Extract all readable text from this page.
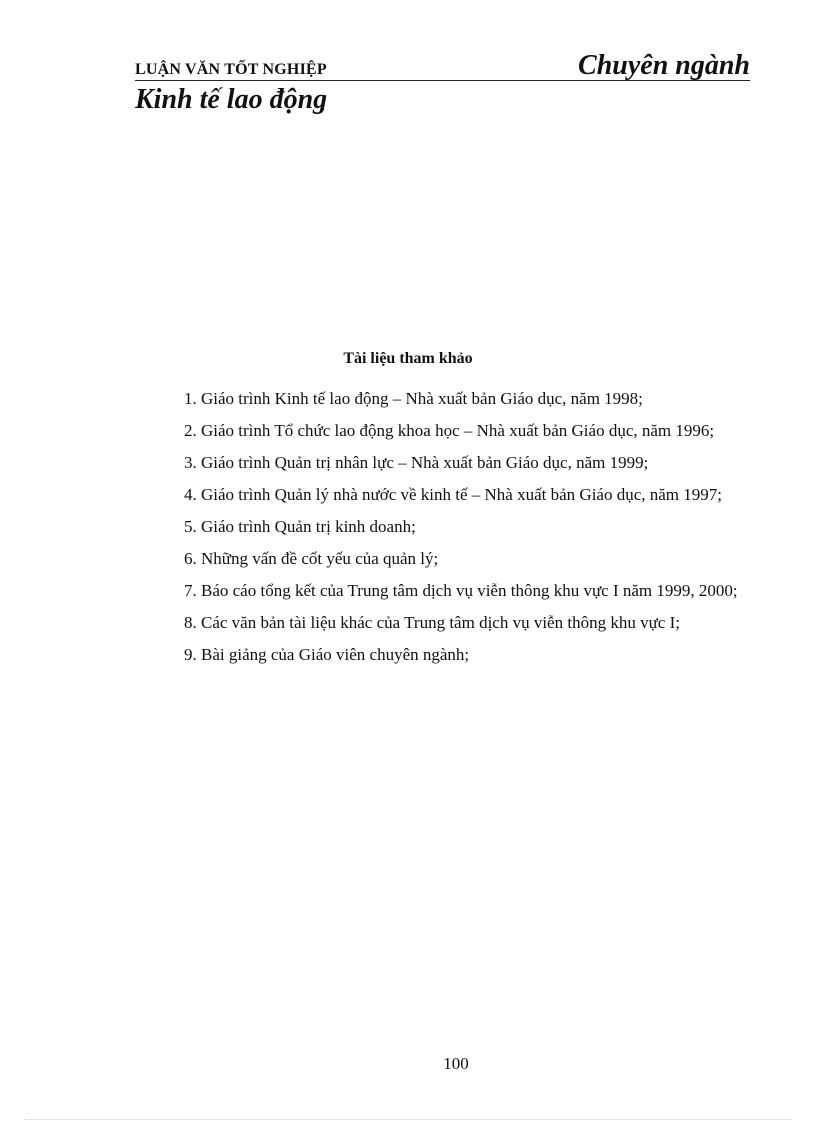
LUẬN VĂN TỐT NGHIỆP	Chuyên ngành
Kinh tế lao động
Tài liệu tham khảo

1. Giáo trình Kinh tế lao động – Nhà xuất bản Giáo dục, năm 1998;

2. Giáo trình Tổ chức lao động khoa học – Nhà xuất bản Giáo dục, năm 1996;

3. Giáo trình Quản trị nhân lực – Nhà xuất bản Giáo dục, năm 1999;

4. Giáo trình Quản lý nhà nước về kinh tế – Nhà xuất bản Giáo dục, năm 1997;

5. Giáo trình Quản trị kinh doanh;

6. Những vấn đề cốt yếu của quản lý;

7. Báo cáo tổng kết của Trung tâm dịch vụ viễn thông khu vực I năm 1999, 2000;

8. Các văn bản tài liệu khác của Trung tâm dịch vụ viễn thông khu vực I;

9. Bài giảng của Giáo viên chuyên ngành;

100
